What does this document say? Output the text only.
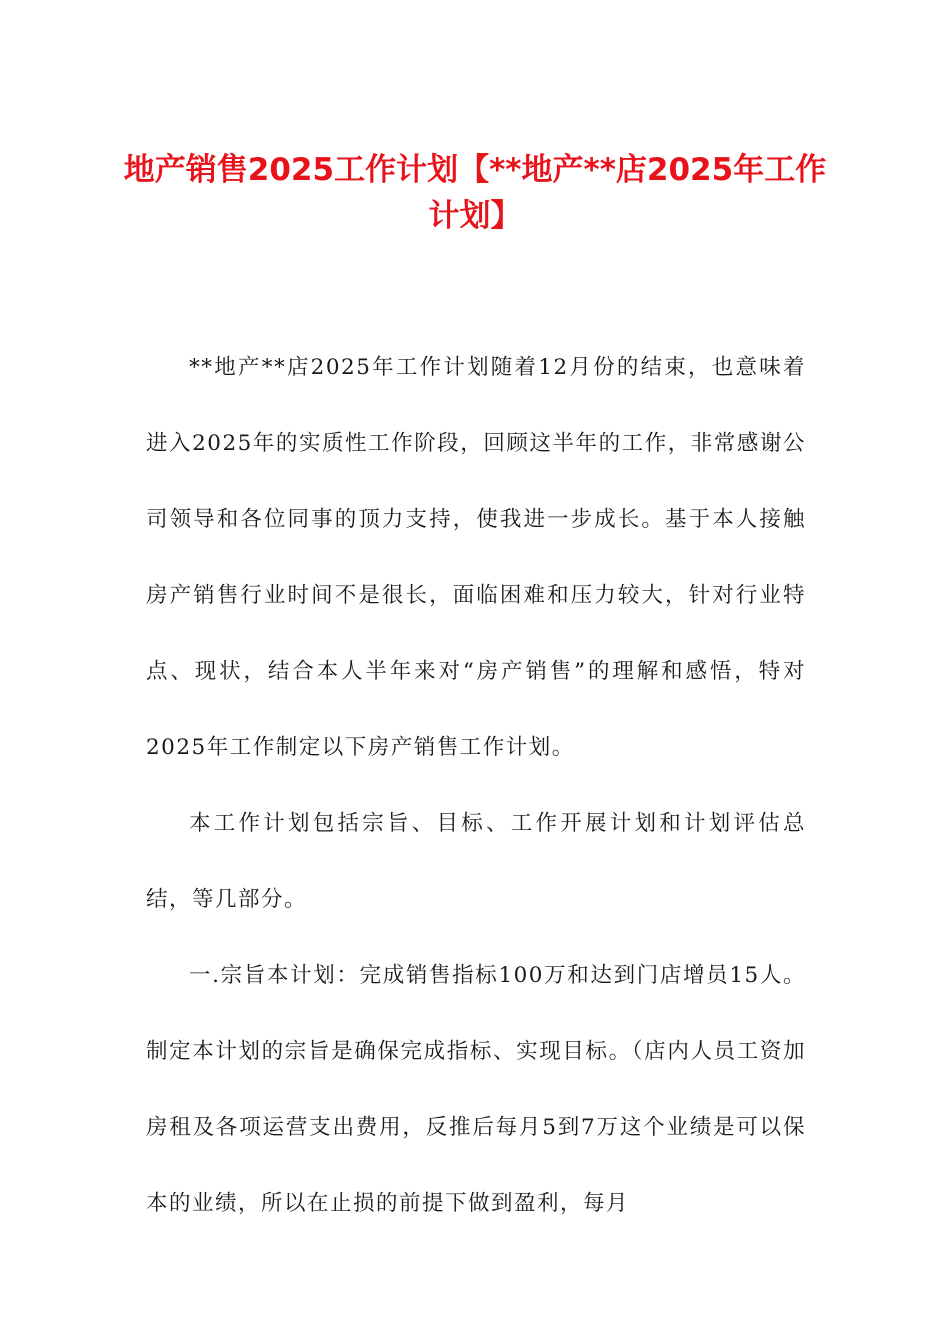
地产销售2025工作计划【**地产**店2025年工作计划】

**地产**店2025年工作计划随着12月份的结束，也意味着进入2025年的实质性工作阶段，回顾这半年的工作，非常感谢公司领导和各位同事的顶力支持，使我进一步成长。基于本人接触房产销售行业时间不是很长，面临困难和压力较大，针对行业特点、现状，结合本人半年来对“房产销售”的理解和感悟，特对2025年工作制定以下房产销售工作计划。

本工作计划包括宗旨、目标、工作开展计划和计划评估总结，等几部分。

一.宗旨本计划：完成销售指标100万和达到门店增员15人。制定本计划的宗旨是确保完成指标、实现目标。（店内人员工资加房租及各项运营支出费用，反推后每月5到7万这个业绩是可以保本的业绩，所以在止损的前提下做到盈利，每月
